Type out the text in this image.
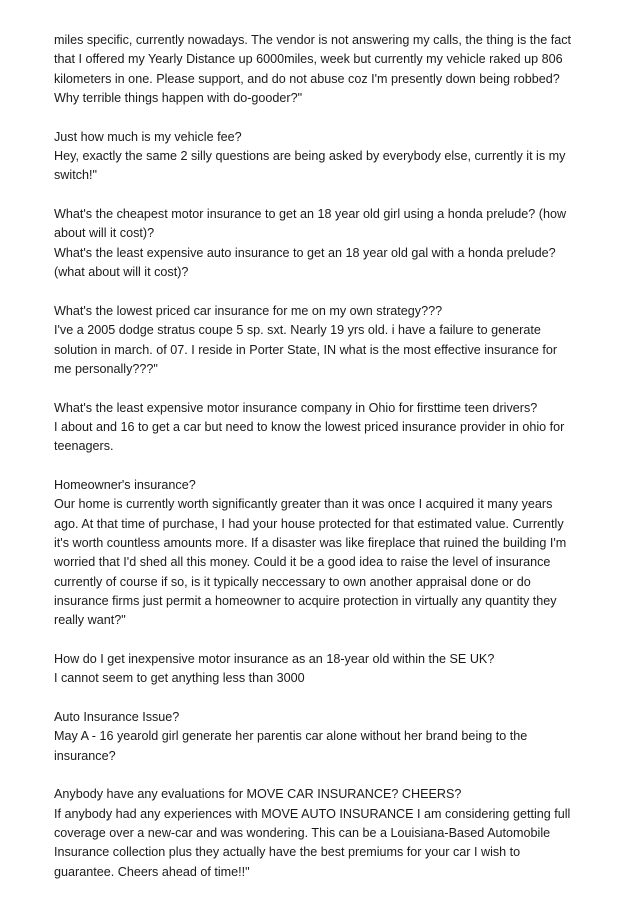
miles specific, currently nowadays. The vendor is not answering my calls, the thing is the fact
that I offered my Yearly Distance up 6000miles, week but currently my vehicle raked up 806
kilometers in one. Please support, and do not abuse coz I'm presently down being robbed?
Why terrible things happen with do-gooder?"
Just how much is my vehicle fee?
Hey, exactly the same 2 silly questions are being asked by everybody else, currently it is my
switch!"
What's the cheapest motor insurance to get an 18 year old girl using a honda prelude? (how
about will it cost)?
What's the least expensive auto insurance to get an 18 year old gal with a honda prelude?
(what about will it cost)?
What's the lowest priced car insurance for me on my own strategy???
I've a 2005 dodge stratus coupe 5 sp. sxt. Nearly 19 yrs old. i have a failure to generate
solution in march. of 07. I reside in Porter State, IN what is the most effective insurance for
me personally???"
What's the least expensive motor insurance company in Ohio for firsttime teen drivers?
I about and 16 to get a car but need to know the lowest priced insurance provider in ohio for
teenagers.
Homeowner's insurance?
Our home is currently worth significantly greater than it was once I acquired it many years
ago. At that time of purchase, I had your house protected for that estimated value. Currently
it's worth countless amounts more. If a disaster was like fireplace that ruined the building I'm
worried that I'd shed all this money. Could it be a good idea to raise the level of insurance
currently of course if so, is it typically neccessary to own another appraisal done or do
insurance firms just permit a homeowner to acquire protection in virtually any quantity they
really want?"
How do I get inexpensive motor insurance as an 18-year old within the SE UK?
I cannot seem to get anything less than 3000
Auto Insurance Issue?
May A - 16 yearold girl generate her parentis car alone without her brand being to the
insurance?
Anybody have any evaluations for MOVE CAR INSURANCE? CHEERS?
If anybody had any experiences with MOVE AUTO INSURANCE I am considering getting full
coverage over a new-car and was wondering. This can be a Louisiana-Based Automobile
Insurance collection plus they actually have the best premiums for your car I wish to
guarantee. Cheers ahead of time!!"
